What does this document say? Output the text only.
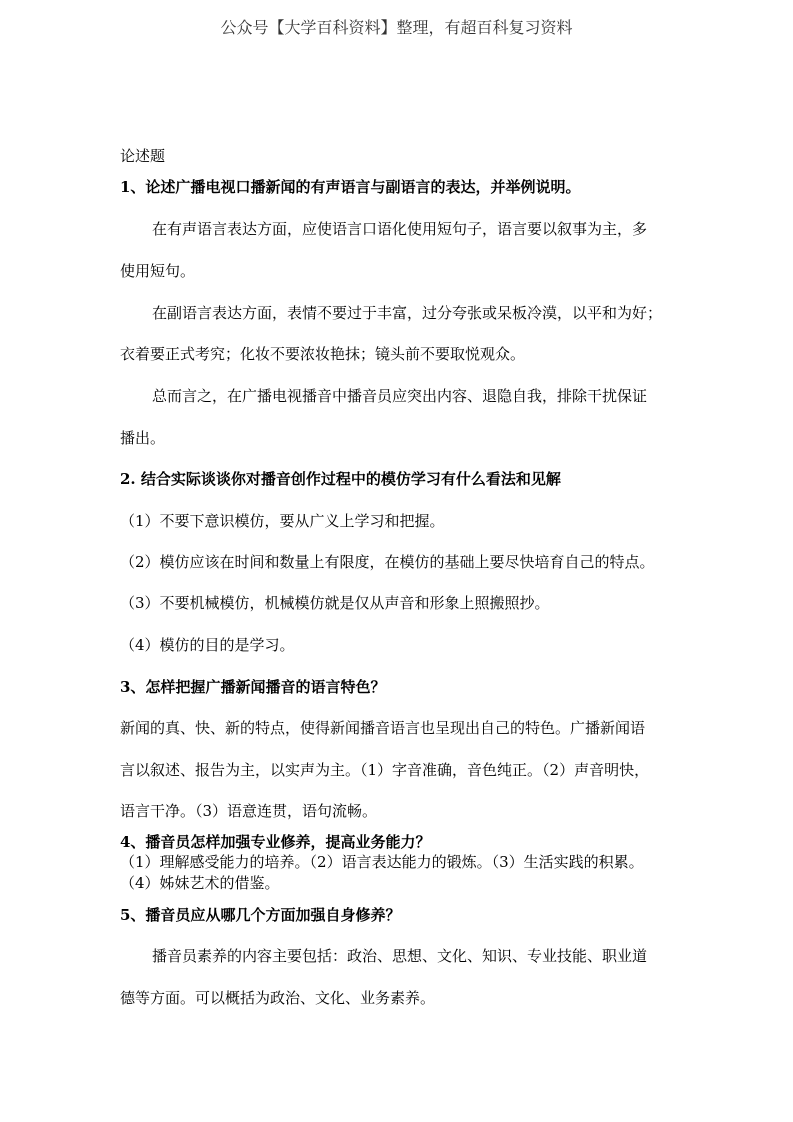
公众号【大学百科资料】整理，有超百科复习资料
论述题
1、论述广播电视口播新闻的有声语言与副语言的表达，并举例说明。
在有声语言表达方面，应使语言口语化使用短句子，语言要以叙事为主，多
使用短句。
在副语言表达方面，表情不要过于丰富，过分夸张或呆板冷漠，以平和为好；
衣着要正式考究；化妆不要浓妆艳抹；镜头前不要取悦观众。
总而言之，在广播电视播音中播音员应突出内容、退隐自我，排除干扰保证
播出。
2. 结合实际谈谈你对播音创作过程中的模仿学习有什么看法和见解
（1）不要下意识模仿，要从广义上学习和把握。
（2）模仿应该在时间和数量上有限度，在模仿的基础上要尽快培育自己的特点。
（3）不要机械模仿，机械模仿就是仅从声音和形象上照搬照抄。
（4）模仿的目的是学习。
3、怎样把握广播新闻播音的语言特色？
新闻的真、快、新的特点，使得新闻播音语言也呈现出自己的特色。广播新闻语
言以叙述、报告为主，以实声为主。（1）字音准确，音色纯正。（2）声音明快，
语言干净。（3）语意连贯，语句流畅。
4、播音员怎样加强专业修养，提高业务能力？
（1）理解感受能力的培养。（2）语言表达能力的锻炼。（3）生活实践的积累。
（4）姊妹艺术的借鉴。
5、播音员应从哪几个方面加强自身修养？
播音员素养的内容主要包括：政治、思想、文化、知识、专业技能、职业道
德等方面。可以概括为政治、文化、业务素养。
